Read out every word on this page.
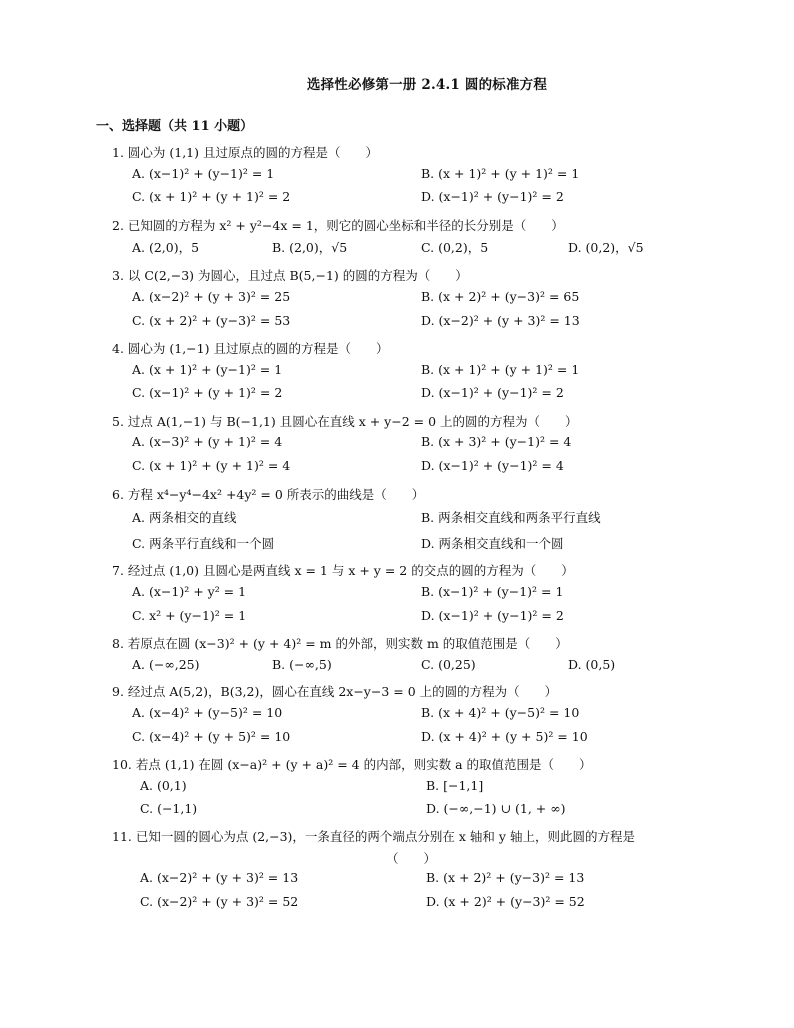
选择性必修第一册 2.4.1 圆的标准方程
一、选择题（共 11 小题）
1. 圆心为 (1,1) 且过原点的圆的方程是（　　）
A. (x−1)² + (y−1)² = 1	B. (x + 1)² + (y + 1)² = 1
C. (x + 1)² + (y + 1)² = 2	D. (x−1)² + (y−1)² = 2
2. 已知圆的方程为 x² + y²−4x = 1，则它的圆心坐标和半径的长分别是（　　）
A. (2,0)，5	B. (2,0)，√5	C. (0,2)，5	D. (0,2)，√5
3. 以 C(2,−3) 为圆心，且过点 B(5,−1) 的圆的方程为（　　）
A. (x−2)² + (y + 3)² = 25	B. (x + 2)² + (y−3)² = 65
C. (x + 2)² + (y−3)² = 53	D. (x−2)² + (y + 3)² = 13
4. 圆心为 (1,−1) 且过原点的圆的方程是（　　）
A. (x + 1)² + (y−1)² = 1	B. (x + 1)² + (y + 1)² = 1
C. (x−1)² + (y + 1)² = 2	D. (x−1)² + (y−1)² = 2
5. 过点 A(1,−1) 与 B(−1,1) 且圆心在直线 x + y−2 = 0 上的圆的方程为（　　）
A. (x−3)² + (y + 1)² = 4	B. (x + 3)² + (y−1)² = 4
C. (x + 1)² + (y + 1)² = 4	D. (x−1)² + (y−1)² = 4
6. 方程 x⁴−y⁴−4x² +4y² = 0 所表示的曲线是（　　）
A. 两条相交的直线	B. 两条相交直线和两条平行直线
C. 两条平行直线和一个圆	D. 两条相交直线和一个圆
7. 经过点 (1,0) 且圆心是两直线 x = 1 与 x + y = 2 的交点的圆的方程为（　　）
A. (x−1)² + y² = 1	B. (x−1)² + (y−1)² = 1
C. x² + (y−1)² = 1	D. (x−1)² + (y−1)² = 2
8. 若原点在圆 (x−3)² + (y + 4)² = m 的外部，则实数 m 的取值范围是（　　）
A. (−∞,25)	B. (−∞,5)	C. (0,25)	D. (0,5)
9. 经过点 A(5,2)，B(3,2)，圆心在直线 2x−y−3 = 0 上的圆的方程为（　　）
A. (x−4)² + (y−5)² = 10	B. (x + 4)² + (y−5)² = 10
C. (x−4)² + (y + 5)² = 10	D. (x + 4)² + (y + 5)² = 10
10. 若点 (1,1) 在圆 (x−a)² + (y + a)² = 4 的内部，则实数 a 的取值范围是（　　）
A. (0,1)	B. [−1,1]
C. (−1,1)	D. (−∞,−1) ∪ (1, + ∞)
11. 已知一圆的圆心为点 (2,−3)，一条直径的两个端点分别在 x 轴和 y 轴上，则此圆的方程是
（　　）
A. (x−2)² + (y + 3)² = 13	B. (x + 2)² + (y−3)² = 13
C. (x−2)² + (y + 3)² = 52	D. (x + 2)² + (y−3)² = 52
